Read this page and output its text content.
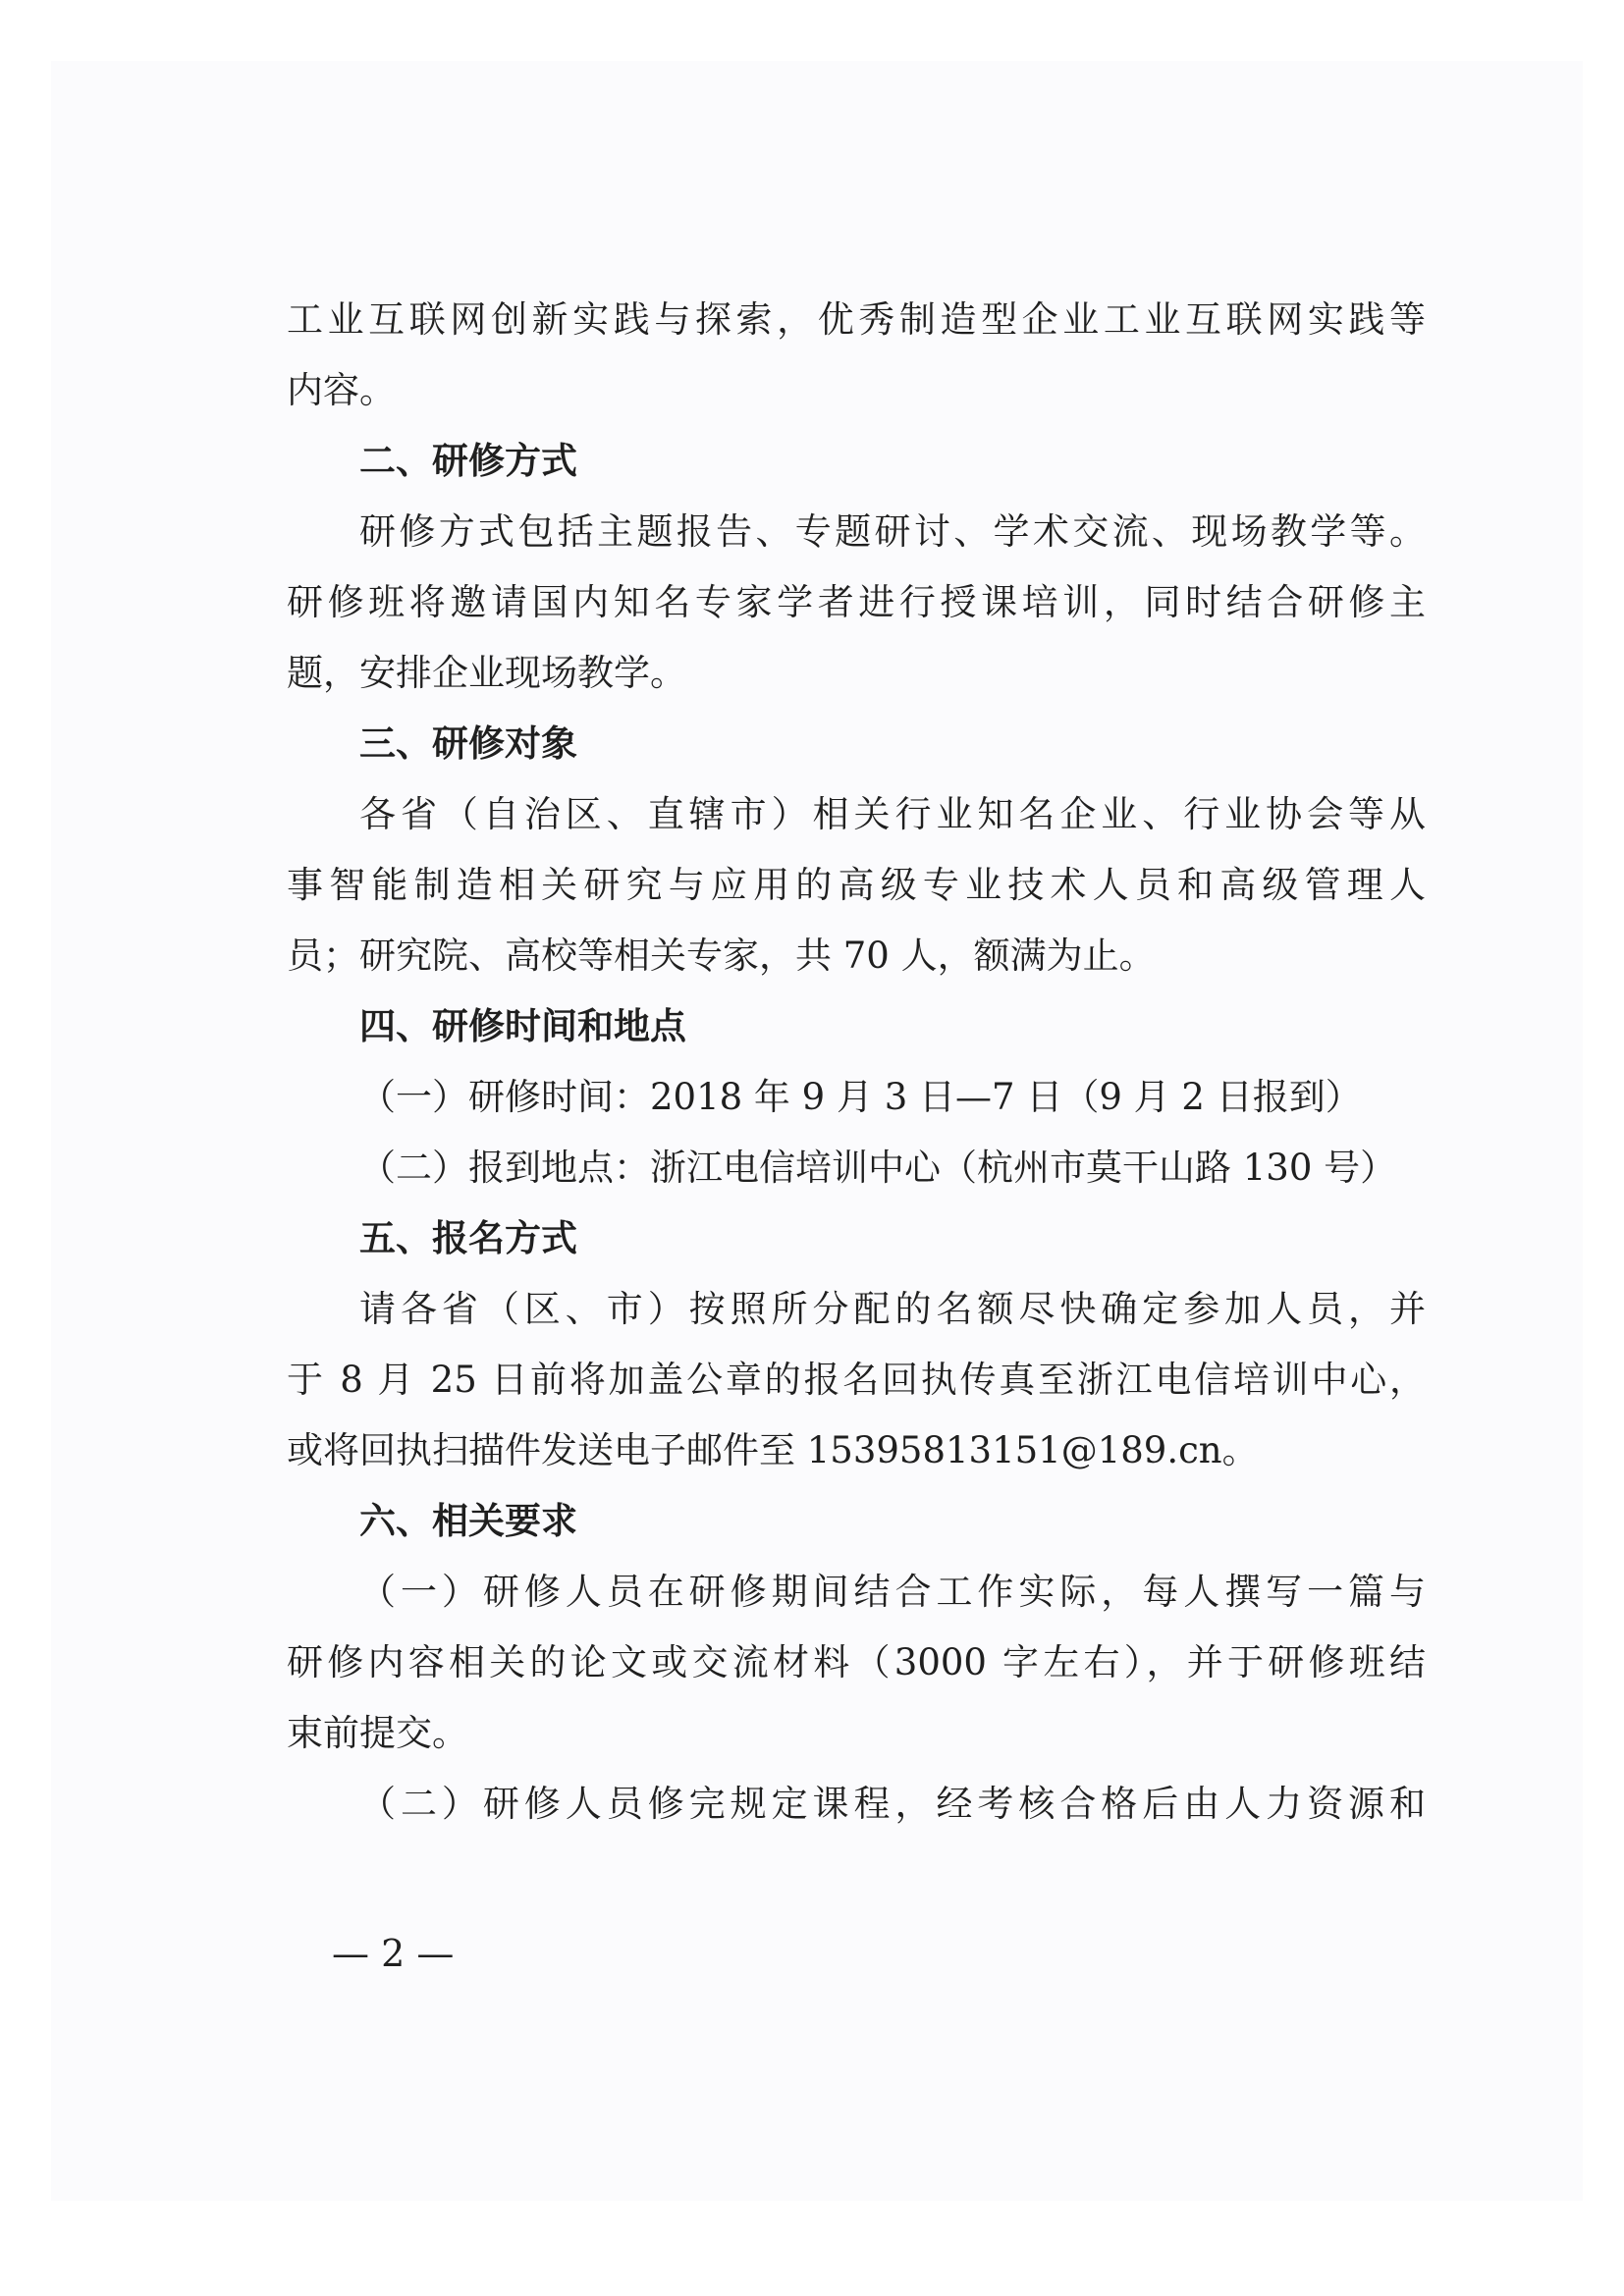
工业互联网创新实践与探索，优秀制造型企业工业互联网实践等
内容。
二、研修方式
研修方式包括主题报告、专题研讨、学术交流、现场教学等。
研修班将邀请国内知名专家学者进行授课培训，同时结合研修主
题，安排企业现场教学。
三、研修对象
各省（自治区、直辖市）相关行业知名企业、行业协会等从
事智能制造相关研究与应用的高级专业技术人员和高级管理人
员；研究院、高校等相关专家，共 70 人，额满为止。
四、研修时间和地点
（一）研修时间：2018 年 9 月 3 日—7 日（9 月 2 日报到）
（二）报到地点：浙江电信培训中心（杭州市莫干山路 130 号）
五、报名方式
请各省（区、市）按照所分配的名额尽快确定参加人员，并
于 8 月 25 日前将加盖公章的报名回执传真至浙江电信培训中心，
或将回执扫描件发送电子邮件至 15395813151@189.cn。
六、相关要求
（一）研修人员在研修期间结合工作实际，每人撰写一篇与
研修内容相关的论文或交流材料（3000 字左右），并于研修班结
束前提交。
（二）研修人员修完规定课程，经考核合格后由人力资源和
— 2 —
